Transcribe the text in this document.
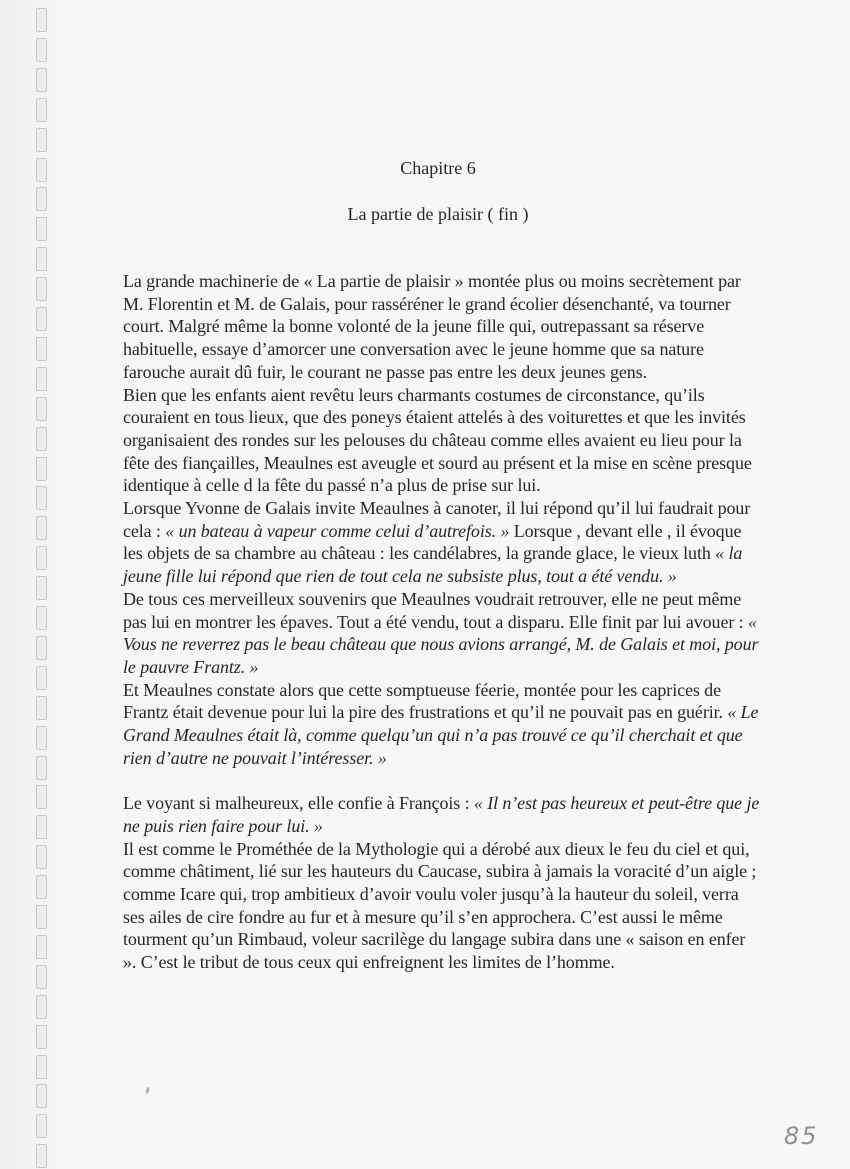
Chapitre 6
La partie de plaisir ( fin )

La grande machinerie de « La partie de plaisir » montée plus ou moins secrètement par M. Florentin et M. de Galais, pour rasséréner le grand écolier désenchanté, va tourner court. Malgré même la bonne volonté de la jeune fille qui, outrepassant sa réserve habituelle, essaye d’amorcer une conversation avec le jeune homme que sa nature farouche aurait dû fuir, le courant ne passe pas entre les deux jeunes gens.

Bien que les enfants aient revêtu leurs charmants costumes de circonstance, qu’ils couraient en tous lieux, que des poneys étaient attelés à des voiturettes et que les invités organisaient des rondes sur les pelouses du château comme elles avaient eu lieu pour la fête des fiançailles, Meaulnes est aveugle et sourd au présent et la mise en scène presque identique à celle d la fête du passé n’a plus de prise sur lui.

Lorsque Yvonne de Galais invite Meaulnes à canoter, il lui répond qu’il lui faudrait pour cela : « un bateau à vapeur comme celui d’autrefois. » Lorsque , devant elle , il évoque les objets de sa chambre au château : les candélabres, la grande glace, le vieux luth « la jeune fille lui répond que rien de tout cela ne subsiste plus, tout a été vendu. »

De tous ces merveilleux souvenirs que Meaulnes voudrait retrouver, elle ne peut même pas lui en montrer les épaves. Tout a été vendu, tout a disparu. Elle finit par lui avouer : « Vous ne reverrez pas le beau château que nous avions arrangé, M. de Galais et moi, pour le pauvre Frantz. »

Et Meaulnes constate alors que cette somptueuse féerie, montée pour les caprices de Frantz était devenue pour lui la pire des frustrations et qu’il ne pouvait pas en guérir. « Le Grand Meaulnes était là, comme quelqu’un qui n’a pas trouvé ce qu’il cherchait et que rien d’autre ne pouvait l’intéresser. »

Le voyant si malheureux, elle confie à François : « Il n’est pas heureux et peut-être que je ne puis rien faire pour lui. »

Il est comme le Prométhée de la Mythologie qui a dérobé aux dieux le feu du ciel et qui, comme châtiment, lié sur les hauteurs du Caucase, subira à jamais la voracité d’un aigle ; comme Icare qui, trop ambitieux d’avoir voulu voler jusqu’à la hauteur du soleil, verra ses ailes de cire fondre au fur et à mesure qu’il s’en approchera. C’est aussi le même tourment qu’un Rimbaud, voleur sacrilège du langage subira dans une « saison en enfer ». C’est le tribut de tous ceux qui enfreignent les limites de l’homme.

85
